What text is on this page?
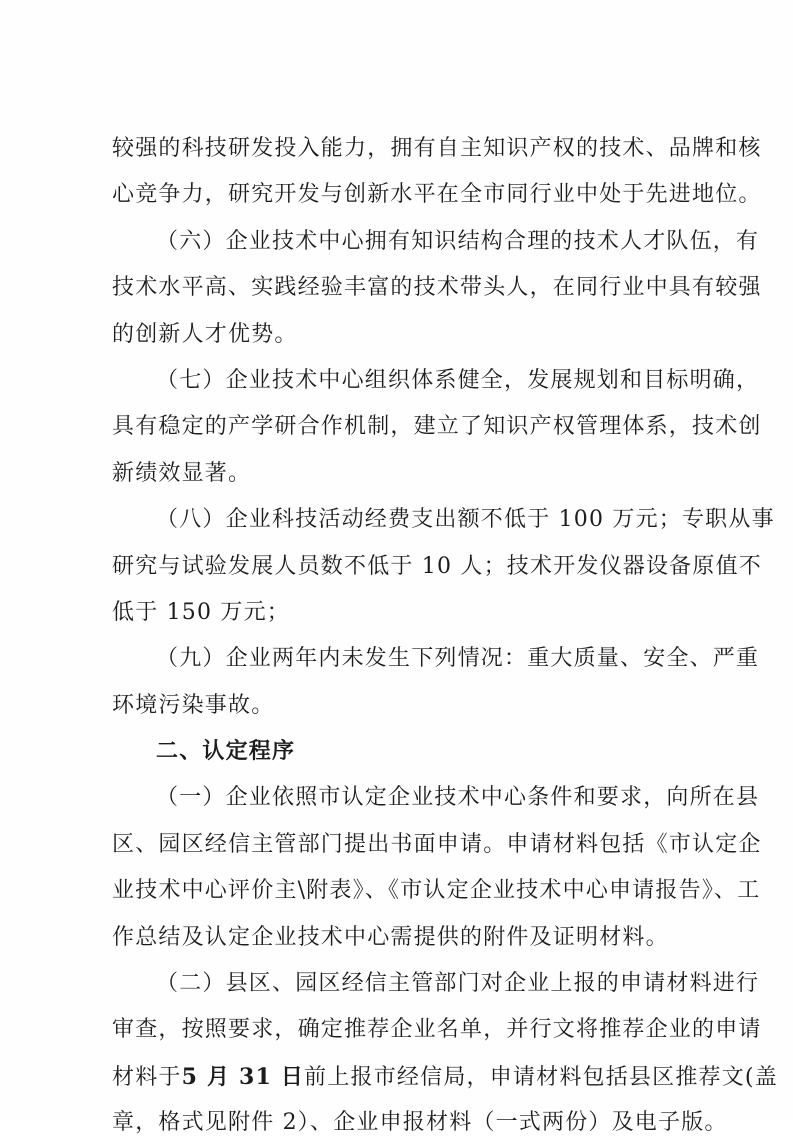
较强的科技研发投入能力，拥有自主知识产权的技术、品牌和核
心竞争力，研究开发与创新水平在全市同行业中处于先进地位。
（六）企业技术中心拥有知识结构合理的技术人才队伍，有
技术水平高、实践经验丰富的技术带头人，在同行业中具有较强
的创新人才优势。
（七）企业技术中心组织体系健全，发展规划和目标明确，
具有稳定的产学研合作机制，建立了知识产权管理体系，技术创
新绩效显著。
（八）企业科技活动经费支出额不低于 100 万元；专职从事
研究与试验发展人员数不低于 10 人；技术开发仪器设备原值不
低于 150 万元；
（九）企业两年内未发生下列情况：重大质量、安全、严重
环境污染事故。
二、认定程序
（一）企业依照市认定企业技术中心条件和要求，向所在县
区、园区经信主管部门提出书面申请。申请材料包括《市认定企
业技术中心评价主\附表》、《市认定企业技术中心申请报告》、工
作总结及认定企业技术中心需提供的附件及证明材料。
（二）县区、园区经信主管部门对企业上报的申请材料进行
审查，按照要求，确定推荐企业名单，并行文将推荐企业的申请
材料于5 月 31 日前上报市经信局，申请材料包括县区推荐文(盖
章，格式见附件 2）、企业申报材料（一式两份）及电子版。
